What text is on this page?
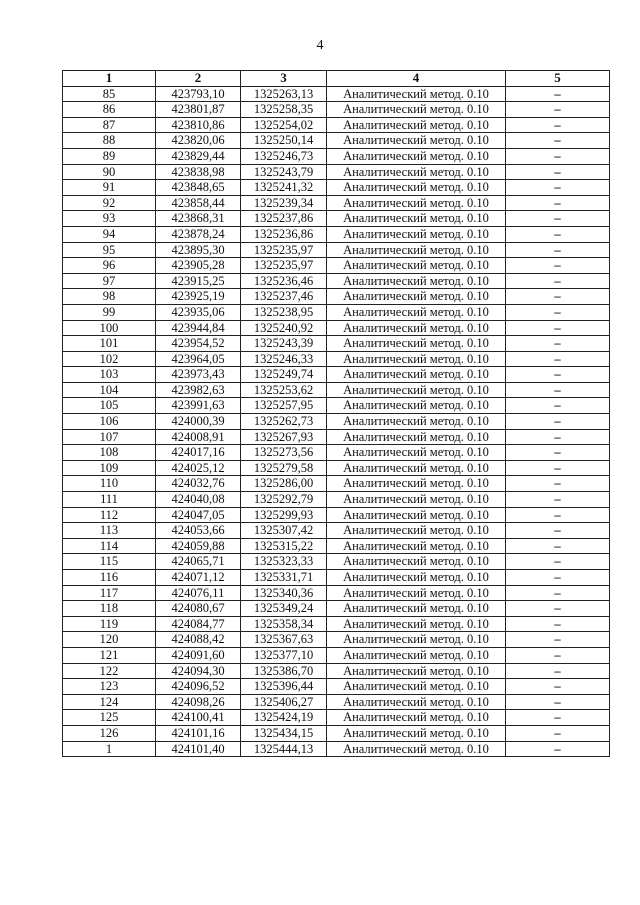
4
1	2	3	4	5
85	423793,10	1325263,13	Аналитический метод. 0.10	–
86	423801,87	1325258,35	Аналитический метод. 0.10	–
87	423810,86	1325254,02	Аналитический метод. 0.10	–
88	423820,06	1325250,14	Аналитический метод. 0.10	–
89	423829,44	1325246,73	Аналитический метод. 0.10	–
90	423838,98	1325243,79	Аналитический метод. 0.10	–
91	423848,65	1325241,32	Аналитический метод. 0.10	–
92	423858,44	1325239,34	Аналитический метод. 0.10	–
93	423868,31	1325237,86	Аналитический метод. 0.10	–
94	423878,24	1325236,86	Аналитический метод. 0.10	–
95	423895,30	1325235,97	Аналитический метод. 0.10	–
96	423905,28	1325235,97	Аналитический метод. 0.10	–
97	423915,25	1325236,46	Аналитический метод. 0.10	–
98	423925,19	1325237,46	Аналитический метод. 0.10	–
99	423935,06	1325238,95	Аналитический метод. 0.10	–
100	423944,84	1325240,92	Аналитический метод. 0.10	–
101	423954,52	1325243,39	Аналитический метод. 0.10	–
102	423964,05	1325246,33	Аналитический метод. 0.10	–
103	423973,43	1325249,74	Аналитический метод. 0.10	–
104	423982,63	1325253,62	Аналитический метод. 0.10	–
105	423991,63	1325257,95	Аналитический метод. 0.10	–
106	424000,39	1325262,73	Аналитический метод. 0.10	–
107	424008,91	1325267,93	Аналитический метод. 0.10	–
108	424017,16	1325273,56	Аналитический метод. 0.10	–
109	424025,12	1325279,58	Аналитический метод. 0.10	–
110	424032,76	1325286,00	Аналитический метод. 0.10	–
111	424040,08	1325292,79	Аналитический метод. 0.10	–
112	424047,05	1325299,93	Аналитический метод. 0.10	–
113	424053,66	1325307,42	Аналитический метод. 0.10	–
114	424059,88	1325315,22	Аналитический метод. 0.10	–
115	424065,71	1325323,33	Аналитический метод. 0.10	–
116	424071,12	1325331,71	Аналитический метод. 0.10	–
117	424076,11	1325340,36	Аналитический метод. 0.10	–
118	424080,67	1325349,24	Аналитический метод. 0.10	–
119	424084,77	1325358,34	Аналитический метод. 0.10	–
120	424088,42	1325367,63	Аналитический метод. 0.10	–
121	424091,60	1325377,10	Аналитический метод. 0.10	–
122	424094,30	1325386,70	Аналитический метод. 0.10	–
123	424096,52	1325396,44	Аналитический метод. 0.10	–
124	424098,26	1325406,27	Аналитический метод. 0.10	–
125	424100,41	1325424,19	Аналитический метод. 0.10	–
126	424101,16	1325434,15	Аналитический метод. 0.10	–
1	424101,40	1325444,13	Аналитический метод. 0.10	–
